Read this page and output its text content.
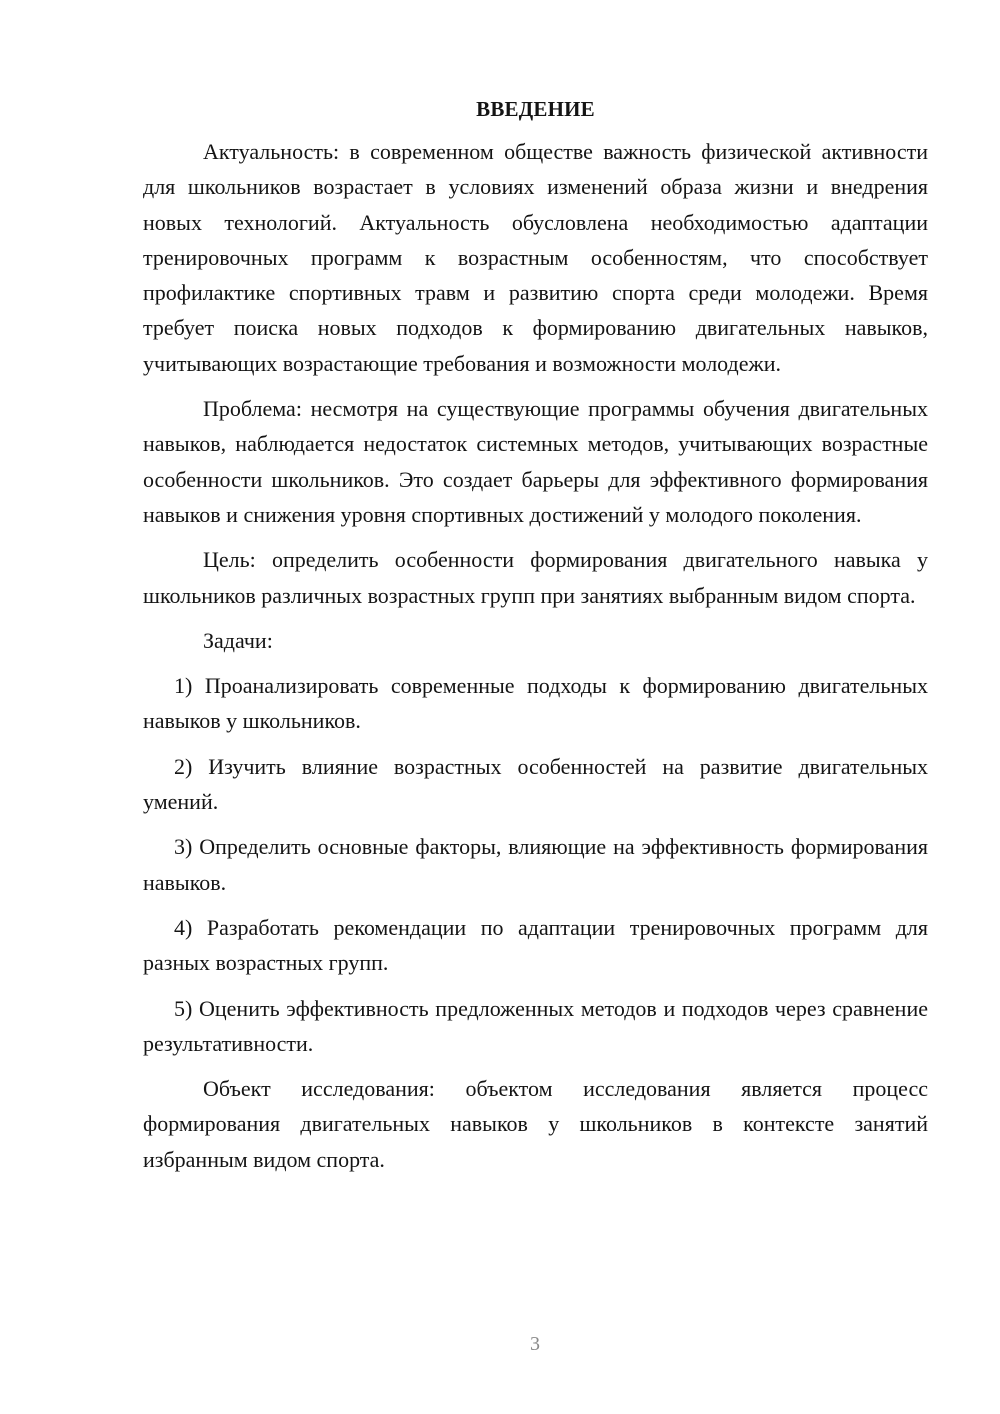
ВВЕДЕНИЕ

Актуальность: в современном обществе важность физической активности для школьников возрастает в условиях изменений образа жизни и внедрения новых технологий. Актуальность обусловлена необходимостью адаптации тренировочных программ к возрастным особенностям, что способствует профилактике спортивных травм и развитию спорта среди молодежи. Время требует поиска новых подходов к формированию двигательных навыков, учитывающих возрастающие требования и возможности молодежи.

Проблема: несмотря на существующие программы обучения двигательных навыков, наблюдается недостаток системных методов, учитывающих возрастные особенности школьников. Это создает барьеры для эффективного формирования навыков и снижения уровня спортивных достижений у молодого поколения.

Цель: определить особенности формирования двигательного навыка у школьников различных возрастных групп при занятиях выбранным видом спорта.

Задачи:

1) Проанализировать современные подходы к формированию двигательных навыков у школьников.

2) Изучить влияние возрастных особенностей на развитие двигательных умений.

3) Определить основные факторы, влияющие на эффективность формирования навыков.

4) Разработать рекомендации по адаптации тренировочных программ для разных возрастных групп.

5) Оценить эффективность предложенных методов и подходов через сравнение результативности.

Объект исследования: объектом исследования является процесс формирования двигательных навыков у школьников в контексте занятий избранным видом спорта.

3
